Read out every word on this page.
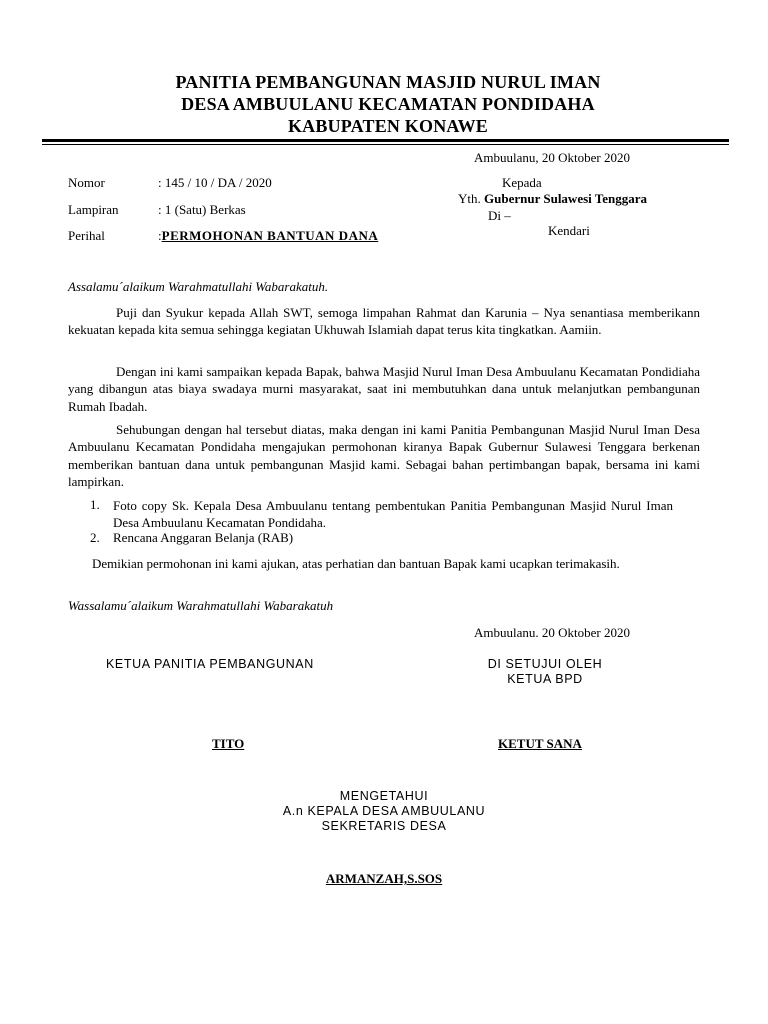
PANITIA PEMBANGUNAN MASJID NURUL IMAN
DESA AMBUULANU KECAMATAN PONDIDAHA
KABUPATEN KONAWE
Ambuulanu, 20 Oktober 2020
Nomor	: 145 / 10 / DA / 2020
Lampiran	: 1 (Satu) Berkas
Perihal	:PERMOHONAN BANTUAN DANA
Kepada
Yth. Gubernur Sulawesi Tenggara
Di –
Kendari
Assalamu´alaikum Warahmatullahi Wabarakatuh.
Puji dan Syukur kepada Allah SWT, semoga limpahan Rahmat dan Karunia – Nya senantiasa memberikann kekuatan kepada kita semua sehingga kegiatan Ukhuwah Islamiah dapat terus kita tingkatkan. Aamiin.
Dengan ini kami sampaikan kepada Bapak, bahwa Masjid Nurul Iman Desa Ambuulanu Kecamatan Pondidiaha yang dibangun atas biaya swadaya murni masyarakat, saat ini membutuhkan dana untuk melanjutkan pembangunan Rumah Ibadah.
Sehubungan dengan hal tersebut diatas, maka dengan ini kami Panitia Pembangunan Masjid Nurul Iman Desa Ambuulanu Kecamatan Pondidaha mengajukan permohonan kiranya Bapak Gubernur Sulawesi Tenggara berkenan memberikan bantuan dana untuk pembangunan Masjid kami. Sebagai bahan pertimbangan bapak, bersama ini kami lampirkan.
1. Foto copy Sk. Kepala Desa Ambuulanu tentang pembentukan Panitia Pembangunan Masjid Nurul Iman Desa Ambuulanu Kecamatan Pondidaha.
2. Rencana Anggaran Belanja (RAB)
Demikian permohonan ini kami ajukan, atas perhatian dan bantuan Bapak kami ucapkan terimakasih.
Wassalamu´alaikum Warahmatullahi Wabarakatuh
Ambuulanu. 20 Oktober 2020
KETUA PANITIA PEMBANGUNAN	DI SETUJUI OLEH
KETUA BPD
TITO	KETUT SANA
MENGETAHUI
A.n KEPALA DESA AMBUULANU
SEKRETARIS DESA
ARMANZAH,S.SOS
